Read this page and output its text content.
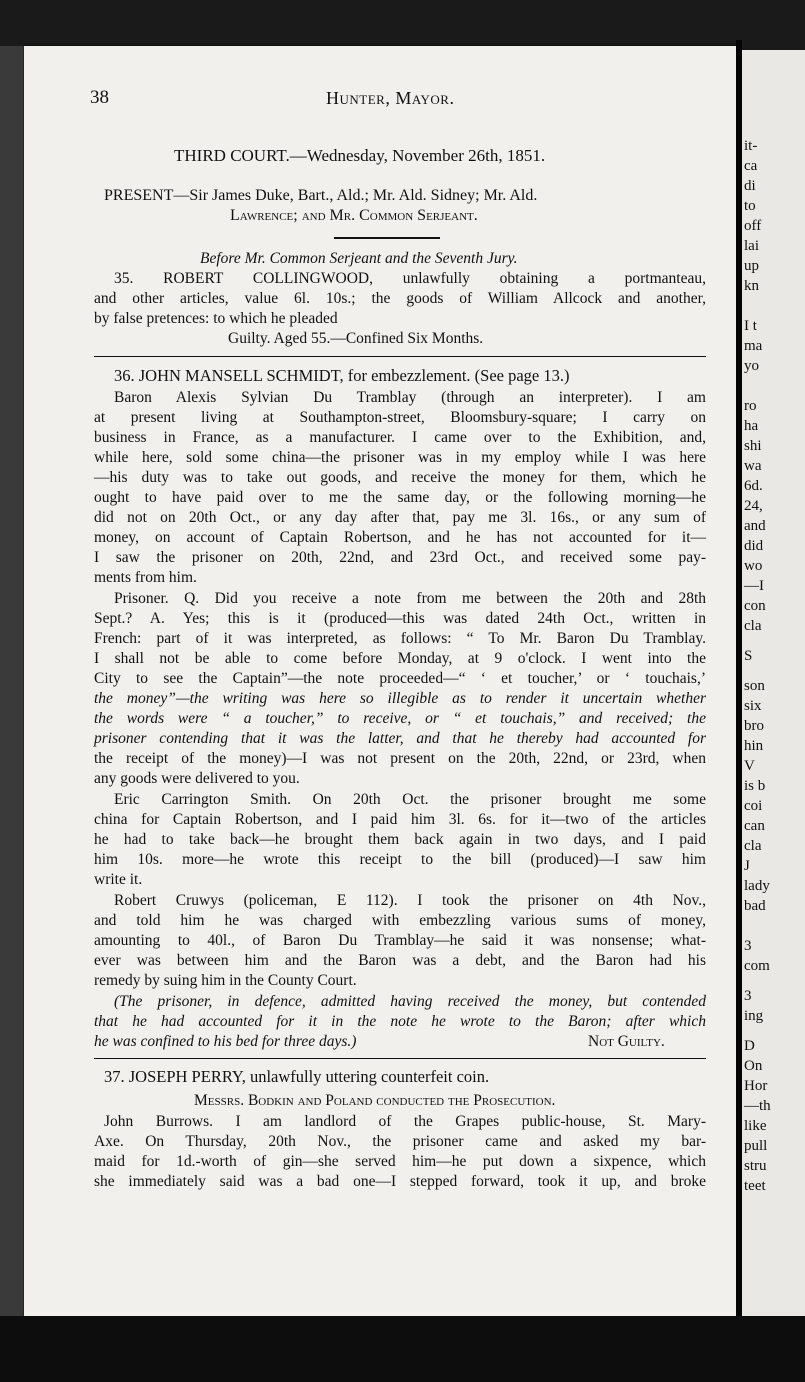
38	Hunter, Mayor.
THIRD COURT.—Wednesday, November 26th, 1851.
PRESENT—Sir James Duke, Bart., Ald.; Mr. Ald. Sidney; Mr. Ald.
Lawrence; and Mr. Common Serjeant.
Before Mr. Common Serjeant and the Seventh Jury.
35. ROBERT COLLINGWOOD, unlawfully obtaining a portmanteau,
and other articles, value 6l. 10s.; the goods of William Allcock and another,
by false pretences: to which he pleaded
Guilty. Aged 55.—Confined Six Months.
36. JOHN MANSELL SCHMIDT, for embezzlement. (See page 13.)
Baron Alexis Sylvian Du Tramblay (through an interpreter). I am
at present living at Southampton-street, Bloomsbury-square; I carry on
business in France, as a manufacturer. I came over to the Exhibition, and,
while here, sold some china—the prisoner was in my employ while I was here
—his duty was to take out goods, and receive the money for them, which he
ought to have paid over to me the same day, or the following morning—he
did not on 20th Oct., or any day after that, pay me 3l. 16s., or any sum of
money, on account of Captain Robertson, and he has not accounted for it—
I saw the prisoner on 20th, 22nd, and 23rd Oct., and received some pay-
ments from him.
Prisoner. Q. Did you receive a note from me between the 20th and 28th
Sept.? A. Yes; this is it (produced—this was dated 24th Oct., written in
French: part of it was interpreted, as follows: “ To Mr. Baron Du Tramblay.
I shall not be able to come before Monday, at 9 o'clock. I went into the
City to see the Captain”—the note proceeded—“ ‘ et toucher,’ or ‘ touchais,’
the money”—the writing was here so illegible as to render it uncertain whether
the words were “ a toucher,” to receive, or “ et touchais,” and received; the
prisoner contending that it was the latter, and that he thereby had accounted for
the receipt of the money)—I was not present on the 20th, 22nd, or 23rd, when
any goods were delivered to you.
Eric Carrington Smith. On 20th Oct. the prisoner brought me some
china for Captain Robertson, and I paid him 3l. 6s. for it—two of the articles
he had to take back—he brought them back again in two days, and I paid
him 10s. more—he wrote this receipt to the bill (produced)—I saw him
write it.
Robert Cruwys (policeman, E 112). I took the prisoner on 4th Nov.,
and told him he was charged with embezzling various sums of money,
amounting to 40l., of Baron Du Tramblay—he said it was nonsense; what-
ever was between him and the Baron was a debt, and the Baron had his
remedy by suing him in the County Court.
(The prisoner, in defence, admitted having received the money, but contended
that he had accounted for it in the note he wrote to the Baron; after which
he was confined to his bed for three days.)	Not Guilty.
37. JOSEPH PERRY, unlawfully uttering counterfeit coin.
Messrs. Bodkin and Poland conducted the Prosecution.
John Burrows. I am landlord of the Grapes public-house, St. Mary-
Axe. On Thursday, 20th Nov., the prisoner came and asked my bar-
maid for 1d.-worth of gin—she served him—he put down a sixpence, which
she immediately said was a bad one—I stepped forward, took it up, and broke
it-
ca
di
to
off
lai
up
kn
I t
ma
yo
ro
ha
shi
wa
6d.
24,
and
did
wo
—I
con
cla
S
son
six
bro
hin
V
is b
coi
can
cla
J
lady
bad
3
com
3
ing
D
On
Hor
—th
like
pull
stru
teet
